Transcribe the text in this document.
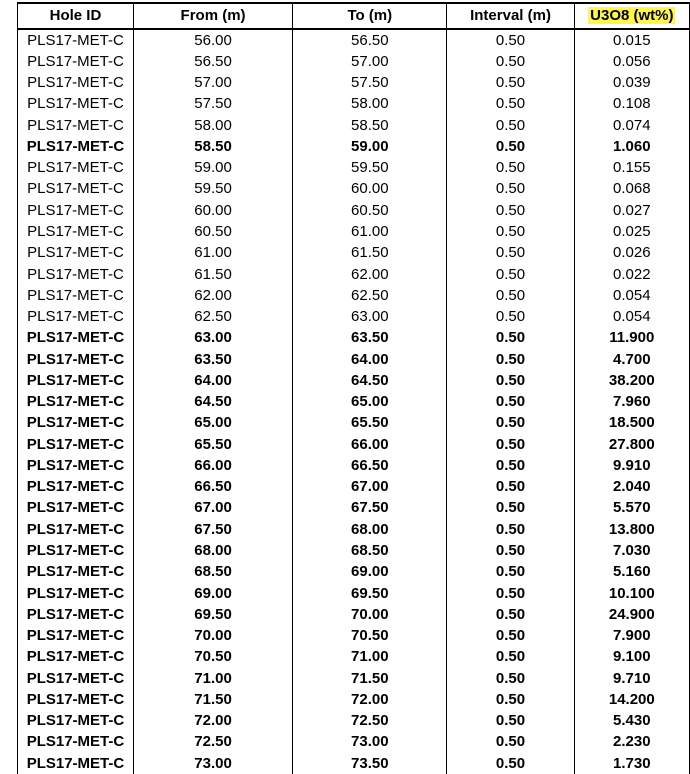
Hole ID	From (m)	To (m)	Interval (m)	U3O8 (wt%)
PLS17-MET-C	56.00	56.50	0.50	0.015
PLS17-MET-C	56.50	57.00	0.50	0.056
PLS17-MET-C	57.00	57.50	0.50	0.039
PLS17-MET-C	57.50	58.00	0.50	0.108
PLS17-MET-C	58.00	58.50	0.50	0.074
PLS17-MET-C	58.50	59.00	0.50	1.060
PLS17-MET-C	59.00	59.50	0.50	0.155
PLS17-MET-C	59.50	60.00	0.50	0.068
PLS17-MET-C	60.00	60.50	0.50	0.027
PLS17-MET-C	60.50	61.00	0.50	0.025
PLS17-MET-C	61.00	61.50	0.50	0.026
PLS17-MET-C	61.50	62.00	0.50	0.022
PLS17-MET-C	62.00	62.50	0.50	0.054
PLS17-MET-C	62.50	63.00	0.50	0.054
PLS17-MET-C	63.00	63.50	0.50	11.900
PLS17-MET-C	63.50	64.00	0.50	4.700
PLS17-MET-C	64.00	64.50	0.50	38.200
PLS17-MET-C	64.50	65.00	0.50	7.960
PLS17-MET-C	65.00	65.50	0.50	18.500
PLS17-MET-C	65.50	66.00	0.50	27.800
PLS17-MET-C	66.00	66.50	0.50	9.910
PLS17-MET-C	66.50	67.00	0.50	2.040
PLS17-MET-C	67.00	67.50	0.50	5.570
PLS17-MET-C	67.50	68.00	0.50	13.800
PLS17-MET-C	68.00	68.50	0.50	7.030
PLS17-MET-C	68.50	69.00	0.50	5.160
PLS17-MET-C	69.00	69.50	0.50	10.100
PLS17-MET-C	69.50	70.00	0.50	24.900
PLS17-MET-C	70.00	70.50	0.50	7.900
PLS17-MET-C	70.50	71.00	0.50	9.100
PLS17-MET-C	71.00	71.50	0.50	9.710
PLS17-MET-C	71.50	72.00	0.50	14.200
PLS17-MET-C	72.00	72.50	0.50	5.430
PLS17-MET-C	72.50	73.00	0.50	2.230
PLS17-MET-C	73.00	73.50	0.50	1.730
